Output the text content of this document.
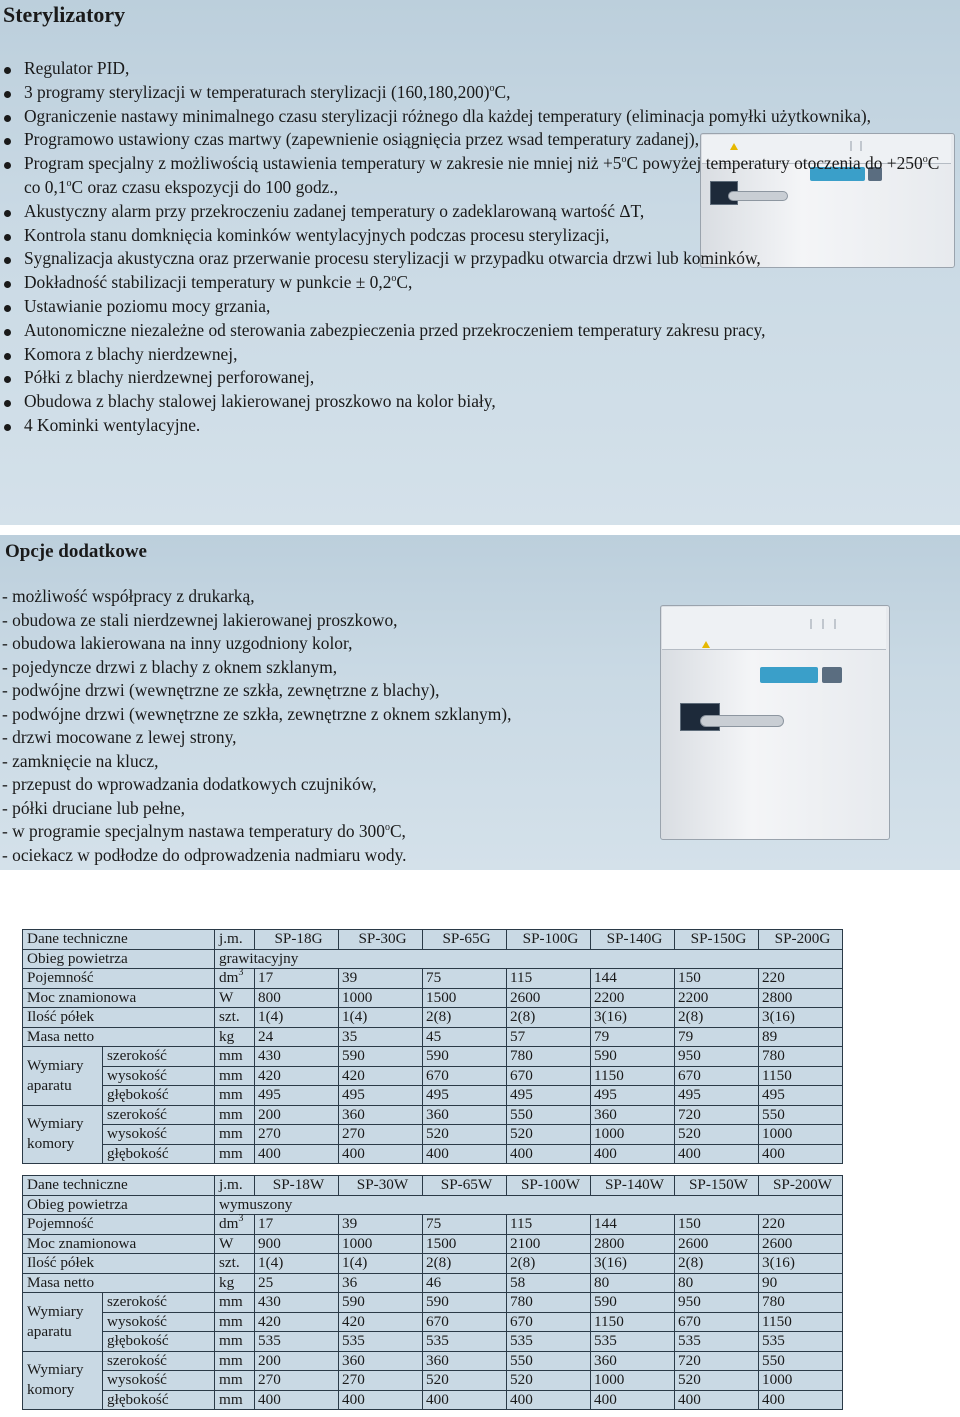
Sterylizatory
Regulator PID,
3 programy sterylizacji w temperaturach sterylizacji $(160,180,200)^oC$,
Ograniczenie nastawy minimalnego czasu sterylizacji różnego dla każdej temperatury (eliminacja pomyłki użytkownika),
Programowo ustawiony czas martwy (zapewnienie osiągnięcia przez wsad temperatury zadanej),
Program specjalny z możliwością ustawienia temperatury w zakresie nie mniej niż $+5^oC$ powyżej temperatury otoczenia do $+250^oC$ co 0,1$^o$C oraz czasu ekspozycji do 100 godz.,
Akustyczny alarm przy przekroczeniu zadanej temperatury o zadeklarowaną wartość ΔT,
Kontrola stanu domknięcia kominków wentylacyjnych podczas procesu sterylizacji,
Sygnalizacja akustyczna oraz przerwanie procesu sterylizacji w przypadku otwarcia drzwi lub kominków,
Dokładność stabilizacji temperatury w punkcie ± $0,2^oC$,
Ustawianie poziomu mocy grzania,
Autonomiczne niezależne od sterowania zabezpieczenia przed przekroczeniem temperatury zakresu pracy,
Komora z blachy nierdzewnej,
Półki z blachy nierdzewnej perforowanej,
Obudowa z blachy stalowej lakierowanej proszkowo na kolor biały,
4 Kominki wentylacyjne.
Opcje dodatkowe
- możliwość współpracy z drukarką,
- obudowa ze stali nierdzewnej lakierowanej proszkowo,
- obudowa lakierowana na inny uzgodniony kolor,
- pojedyncze drzwi z blachy z oknem szklanym,
- podwójne drzwi (wewnętrzne ze szkła, zewnętrzne z blachy),
- podwójne drzwi (wewnętrzne ze szkła, zewnętrzne z oknem szklanym),
- drzwi mocowane z lewej strony,
- zamknięcie na klucz,
- przepust do wprowadzania dodatkowych czujników,
- półki druciane lub pełne,
- w programie specjalnym nastawa temperatury do 300$^o$C,
- ociekacz w podłodze do odprowadzenia nadmiaru wody.
Dane techniczne		j.m.	SP-18G	SP-30G	SP-65G	SP-100G	SP-140G	SP-150G	SP-200G
Obieg powietrza		grawitacyjny							
Pojemność		$dm^3$	17	39	75	115	144	150	220
Moc znamionowa		W	800	1000	1500	2600	2200	2200	2800
Ilość półek		szt.	1(4)	1(4)	2(8)	2(8)	3(16)	2(8)	3(16)
Masa netto		kg	24	35	45	57	79	79	89
Wymiary aparatu	szerokość	mm	430	590	590	780	590	950	780
	wysokość	mm	420	420	670	670	1150	670	1150
	głębokość	mm	495	495	495	495	495	495	495
Wymiary komory	szerokość	mm	200	360	360	550	360	720	550
	wysokość	mm	270	270	520	520	1000	520	1000
	głębokość	mm	400	400	400	400	400	400	400
Dane techniczne		j.m.	SP-18W	SP-30W	SP-65W	SP-100W	SP-140W	SP-150W	SP-200W
Obieg powietrza		wymuszony							
Pojemność		$dm^3$	17	39	75	115	144	150	220
Moc znamionowa		W	900	1000	1500	2100	2800	2600	2600
Ilość półek		szt.	1(4)	1(4)	2(8)	2(8)	3(16)	2(8)	3(16)
Masa netto		kg	25	36	46	58	80	80	90
Wymiary aparatu	szerokość	mm	430	590	590	780	590	950	780
	wysokość	mm	420	420	670	670	1150	670	1150
	głębokość	mm	535	535	535	535	535	535	535
Wymiary komory	szerokość	mm	200	360	360	550	360	720	550
	wysokość	mm	270	270	520	520	1000	520	1000
	głębokość	mm	400	400	400	400	400	400	400
